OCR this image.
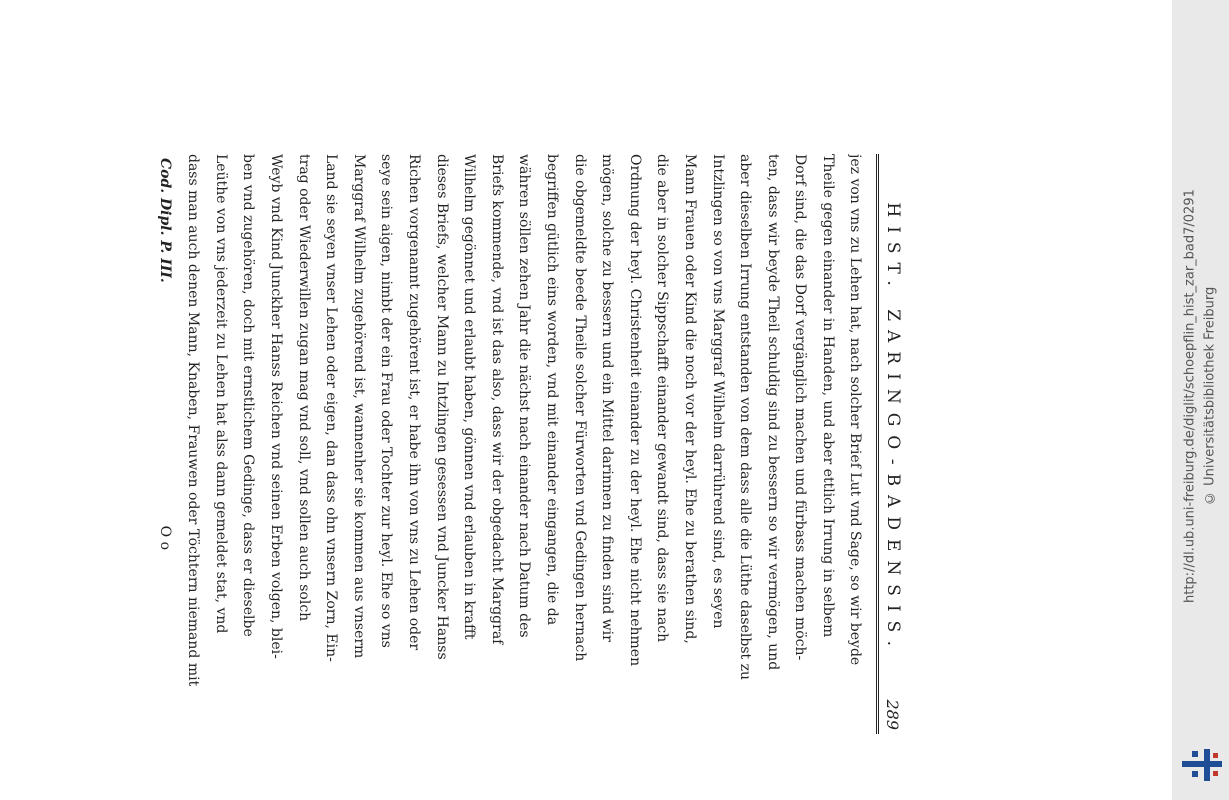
HIST. ZARINGO-BADENSIS.
289
jez von vns zu Lehen hat, nach solcher Brief Lut vnd Sage, so wir beyde
Theile gegen einander in Handen, und aber ettlich Irrung in selbem
Dorf sind, die das Dorf vergänglich machen und fürbass machen möch-
ten, dass wir beyde Theil schuldig sind zu bessern so wir vermögen, und
aber dieselben Irrung entstanden von dem dass alle die Lüthe daselbst zu
Intzlingen so von vns Marggraf Wilhelm darrührend sind, es seyen
Mann Frauen oder Kind die noch vor der heyl. Ehe zu berathen sind,
die aber in solcher Sippschafft einander gewandt sind, dass sie nach
Ordnung der heyl. Christenheit einander zu der heyl. Ehe nicht nehmen
mögen, solche zu bessern und ein Mittel darinnen zu finden sind wir
die obgemeldte beede Theile solcher Fürworten vnd Gedingen hernach
begriffen gütlich eins worden, vnd mit einander eingangen, die da
währen söllen zehen Jahr die nächst nach einander nach Datum des
Briefs kommende, vnd ist das also, dass wir der obgedacht Marggraf
Wilhelm gegönnet und erlaubt haben, gönnen vnd erlauben in krafft
dieses Briefs, welcher Mann zu Intzlingen gesessen vnd Juncker Hanss
Richen vorgenannt zugehörent ist, er habe ihn von vns zu Lehen oder
seye sein aigen, nimbt der ein Frau oder Tochter zur heyl. Ehe so vns
Marggraf Wilhelm zugehörend ist, wannenher sie kommen aus vnserm
Land sie seyen vnser Lehen oder eigen, dan dass ohn vnsern Zorn, Ein-
trag oder Wiederwillen zugan mag vnd soll, vnd sollen auch solch
Weyb vnd Kind Junckher Hanss Reichen vnd seinen Erben volgen, blei-
ben vnd zugehören, doch mit ernstlichem Gedinge, dass er dieselbe
Leüthe von vns jederzeit zu Lehen hat alss dann gemeldet stat, vnd
dass man auch denen Mann, Knaben, Frauwen oder Töchtern niemand mit
Cod. Dipl. P. III.
O o	http://dl.ub.uni-freiburg.de/diglit/schoepflin_hist_zar_bad7/0291 © Universitätsbibliothek Freiburg
